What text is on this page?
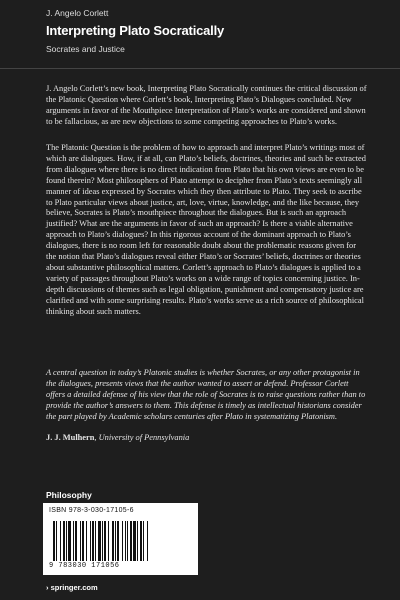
J. Angelo Corlett
Interpreting Plato Socratically
Socrates and Justice
J. Angelo Corlett’s new book, Interpreting Plato Socratically continues the critical discussion of the Platonic Question where Corlett’s book, Interpreting Plato’s Dialogues concluded. New arguments in favor of the Mouthpiece Interpretation of Plato’s works are considered and shown to be fallacious, as are new objections to some competing approaches to Plato’s works.
The Platonic Question is the problem of how to approach and interpret Plato’s writings most of which are dialogues. How, if at all, can Plato’s beliefs, doctrines, theories and such be extracted from dialogues where there is no direct indication from Plato that his own views are even to be found therein? Most philosophers of Plato attempt to decipher from Plato’s texts seemingly all manner of ideas expressed by Socrates which they then attribute to Plato. They seek to ascribe to Plato particular views about justice, art, love, virtue, knowledge, and the like because, they believe, Socrates is Plato’s mouthpiece throughout the dialogues. But is such an approach justified? What are the arguments in favor of such an approach? Is there a viable alternative approach to Plato’s dialogues? In this rigorous account of the dominant approach to Plato’s dialogues, there is no room left for reasonable doubt about the problematic reasons given for the notion that Plato’s dialogues reveal either Plato’s or Socrates’ beliefs, doctrines or theories about substantive philosophical matters. Corlett’s approach to Plato’s dialogues is applied to a variety of passages throughout Plato’s works on a wide range of topics concerning justice. In-depth discussions of themes such as legal obligation, punishment and compensatory justice are clarified and with some surprising results. Plato’s works serve as a rich source of philosophical thinking about such matters.
A central question in today’s Platonic studies is whether Socrates, or any other protagonist in the dialogues, presents views that the author wanted to assert or defend. Professor Corlett offers a detailed defense of his view that the role of Socrates is to raise questions rather than to provide the author’s answers to them. This defense is timely as intellectual historians consider the part played by Academic scholars centuries after Plato in systematizing Platonism.
J. J. Mulhern, University of Pennsylvania
Philosophy
ISBN 978-3-030-17105-6
9 783030 171056
› springer.com
